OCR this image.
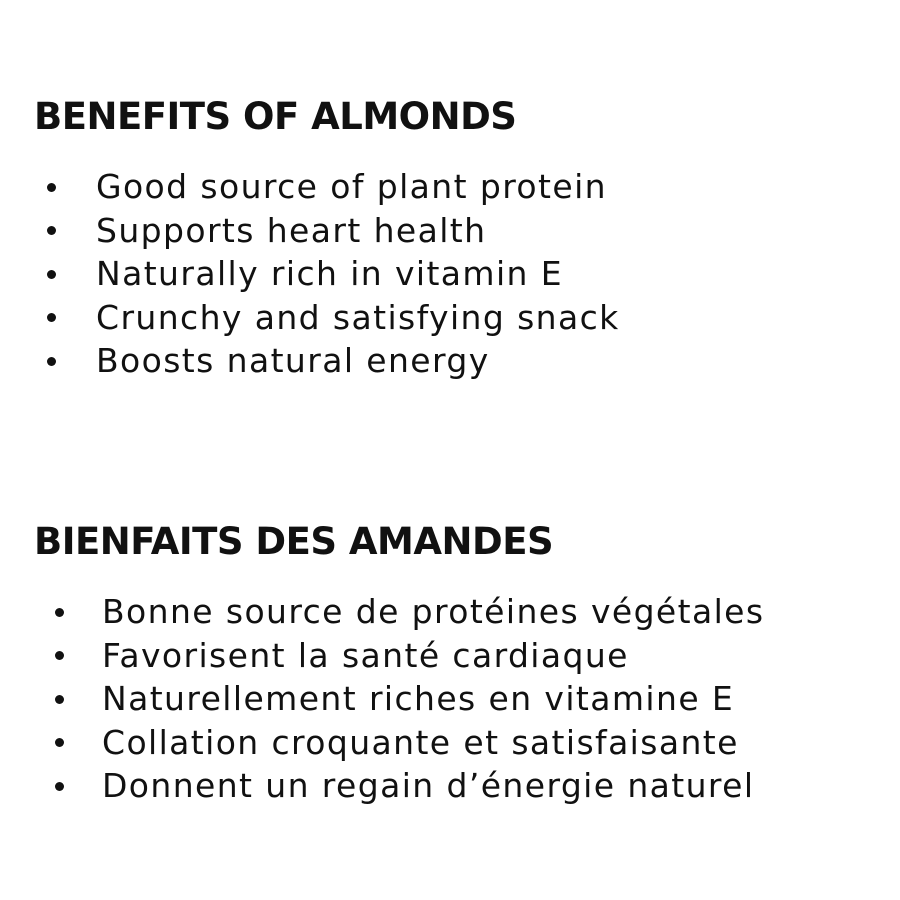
BENEFITS OF ALMONDS
Good source of plant protein
Supports heart health
Naturally rich in vitamin E
Crunchy and satisfying snack
Boosts natural energy
BIENFAITS DES AMANDES
Bonne source de protéines végétales
Favorisent la santé cardiaque
Naturellement riches en vitamine E
Collation croquante et satisfaisante
Donnent un regain d’énergie naturel
